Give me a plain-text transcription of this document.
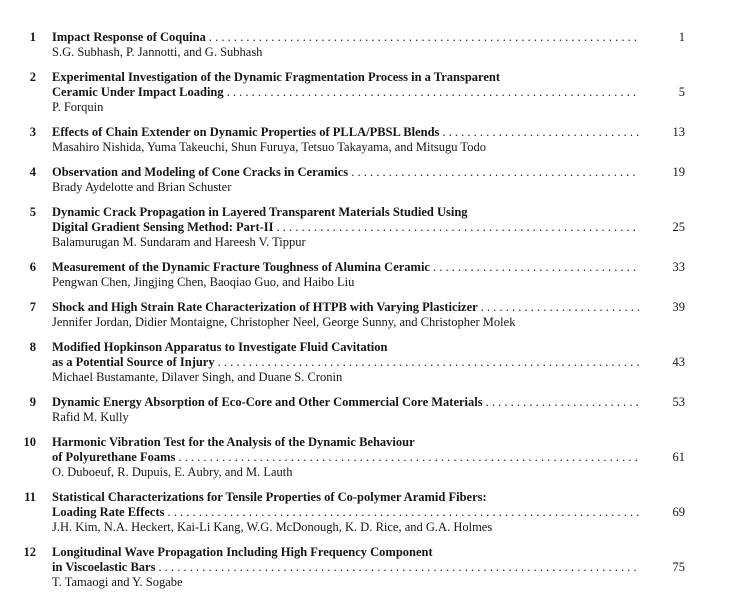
1 Impact Response of Coquina . . .	1
S.G. Subhash, P. Jannotti, and G. Subhash
2 Experimental Investigation of the Dynamic Fragmentation Process in a Transparent
Ceramic Under Impact Loading . . .	5
P. Forquin
3 Effects of Chain Extender on Dynamic Properties of PLLA/PBSL Blends . . .	13
Masahiro Nishida, Yuma Takeuchi, Shun Furuya, Tetsuo Takayama, and Mitsugu Todo
4 Observation and Modeling of Cone Cracks in Ceramics . . .	19
Brady Aydelotte and Brian Schuster
5 Dynamic Crack Propagation in Layered Transparent Materials Studied Using
Digital Gradient Sensing Method: Part-II . . .	25
Balamurugan M. Sundaram and Hareesh V. Tippur
6 Measurement of the Dynamic Fracture Toughness of Alumina Ceramic . . .	33
Pengwan Chen, Jingjing Chen, Baoqiao Guo, and Haibo Liu
7 Shock and High Strain Rate Characterization of HTPB with Varying Plasticizer . . .	39
Jennifer Jordan, Didier Montaigne, Christopher Neel, George Sunny, and Christopher Molek
8 Modified Hopkinson Apparatus to Investigate Fluid Cavitation
as a Potential Source of Injury . . .	43
Michael Bustamante, Dilaver Singh, and Duane S. Cronin
9 Dynamic Energy Absorption of Eco-Core and Other Commercial Core Materials . . .	53
Rafid M. Kully
10 Harmonic Vibration Test for the Analysis of the Dynamic Behaviour
of Polyurethane Foams . . .	61
O. Duboeuf, R. Dupuis, E. Aubry, and M. Lauth
11 Statistical Characterizations for Tensile Properties of Co-polymer Aramid Fibers:
Loading Rate Effects . . .	69
J.H. Kim, N.A. Heckert, Kai-Li Kang, W.G. McDonough, K. D. Rice, and G.A. Holmes
12 Longitudinal Wave Propagation Including High Frequency Component
in Viscoelastic Bars . . .	75
T. Tamaogi and Y. Sogabe
